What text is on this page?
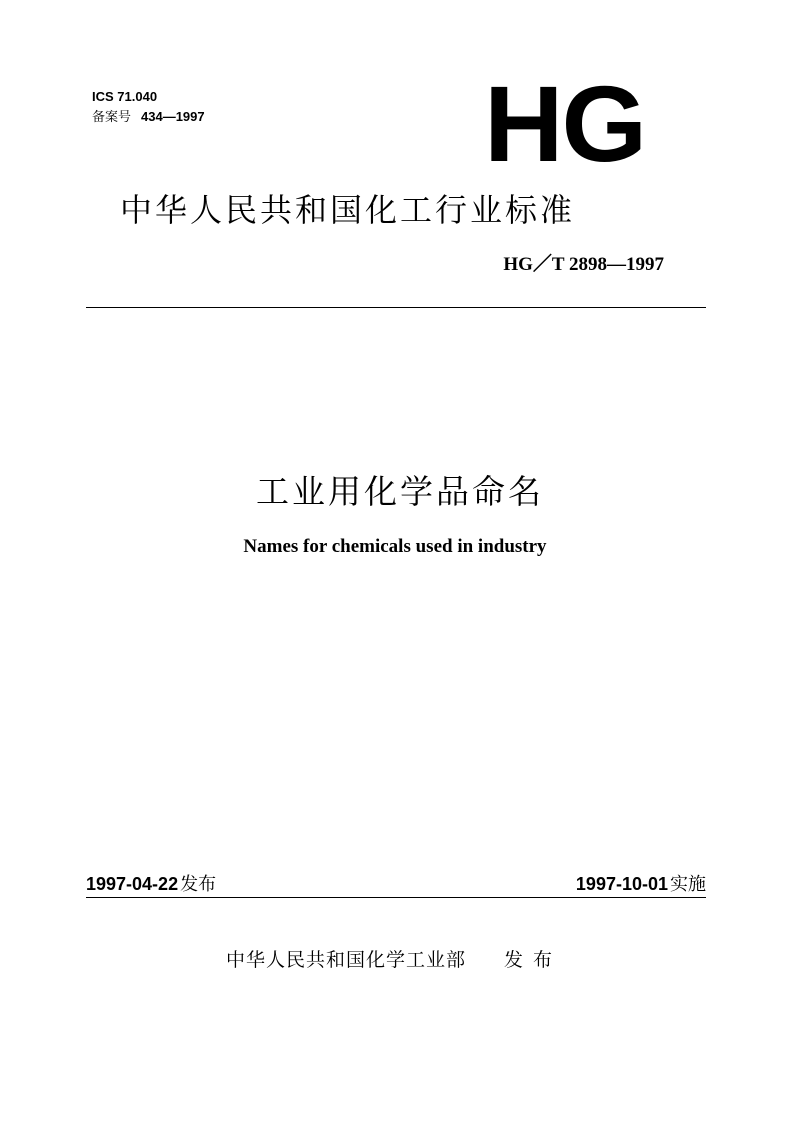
ICS 71.040
备案号 434—1997	HG
中华人民共和国化工行业标准
HG／T 2898—1997
工业用化学品命名
Names for chemicals used in industry
1997-04-22 发布	1997-10-01 实施
中华人民共和国化学工业部 发布
